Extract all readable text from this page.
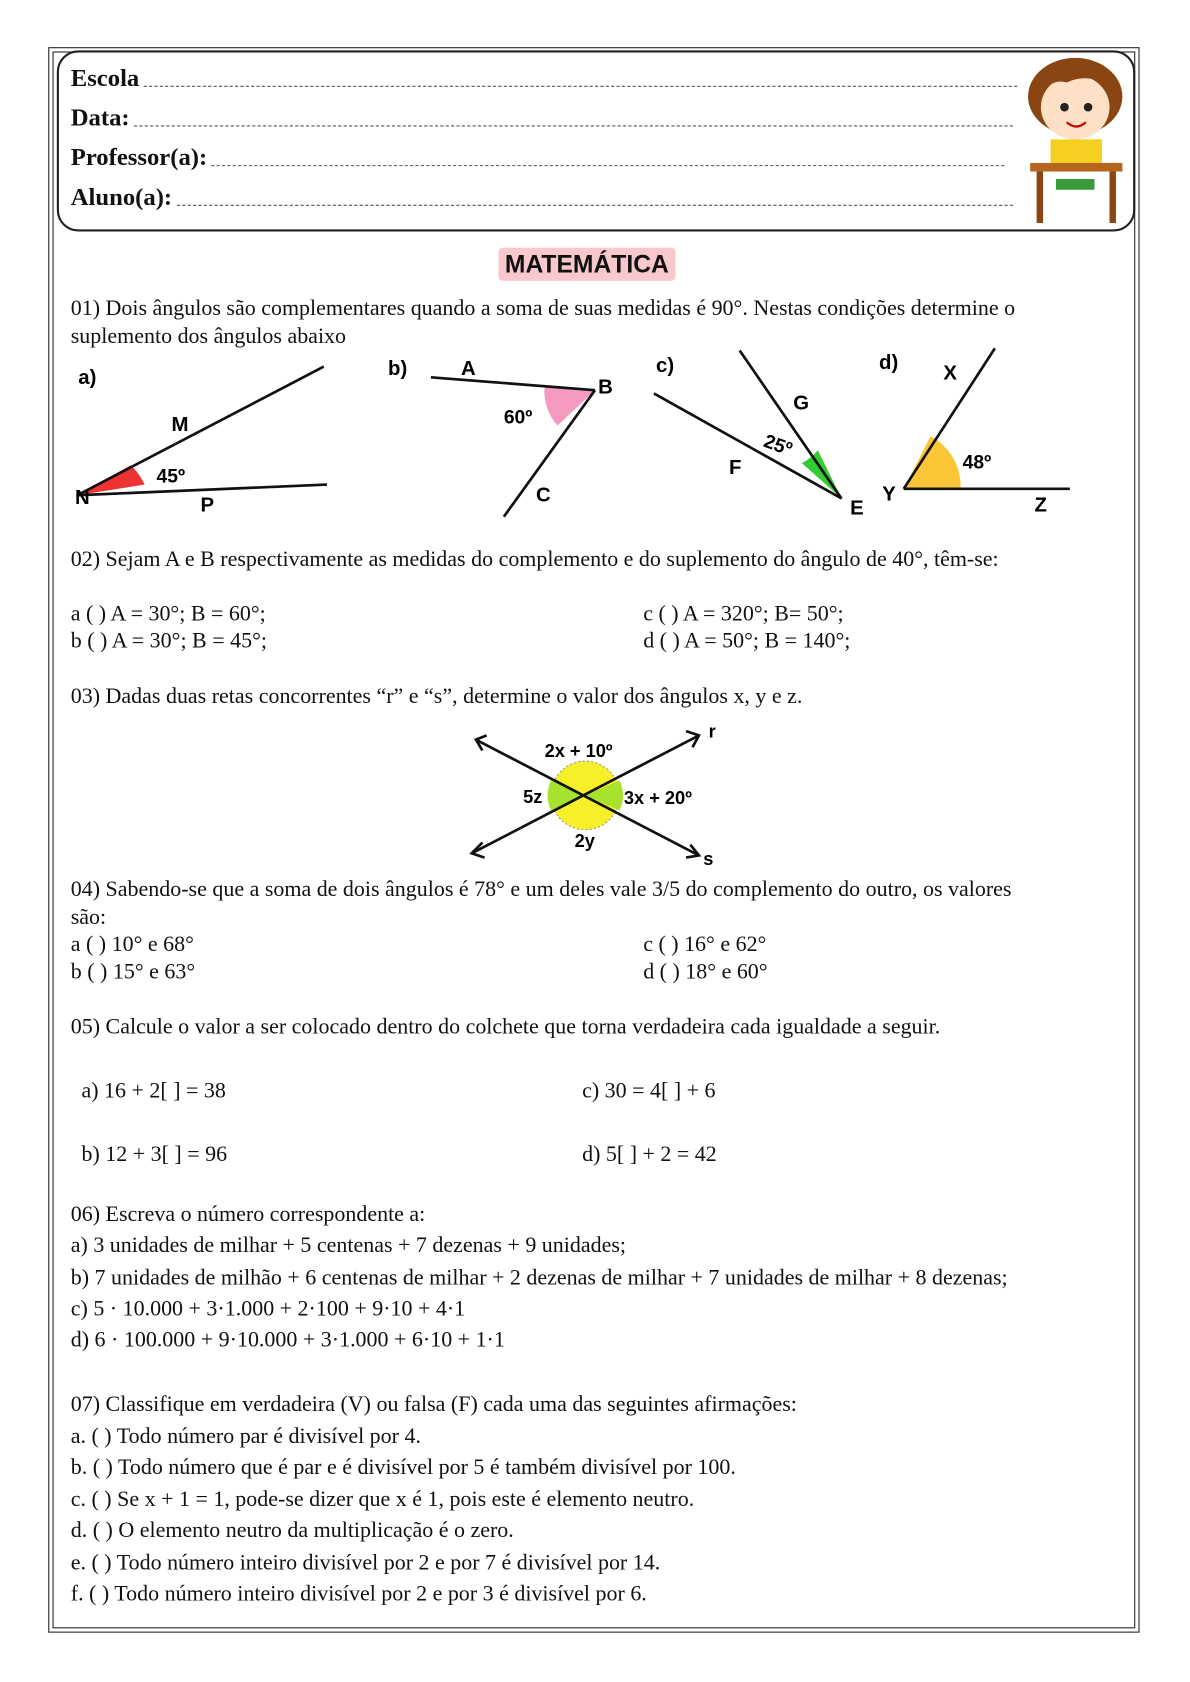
Escola
Data:
Professor(a):
Aluno(a):
MATEMÁTICA
01) Dois ângulos são complementares quando a soma de suas medidas é 90°. Nestas condições determine o
suplemento dos ângulos abaixo
a)
M
N	P
45º
b)	A
B
C
60º
c)
G
F
E
25º
d) X
Y	Z
48º
02) Sejam A e B respectivamente as medidas do complemento e do suplemento do ângulo de 40°, têm-se:
a ( ) A = 30°; B = 60°;
b ( ) A = 30°; B = 45°;
c ( ) A = 320°; B= 50°;
d ( ) A = 50°; B = 140°;
03) Dadas duas retas concorrentes “r” e “s”, determine o valor dos ângulos x, y e z.
2x + 10º
5z	3x + 20º
2y
r
s
04) Sabendo-se que a soma de dois ângulos é 78° e um deles vale 3/5 do complemento do outro, os valores
são:
a ( ) 10° e 68°
b ( ) 15° e 63°
c ( ) 16° e 62°
d ( ) 18° e 60°
05) Calcule o valor a ser colocado dentro do colchete que torna verdadeira cada igualdade a seguir.
a) 16 + 2[ ] = 38
b) 12 + 3[ ] = 96
c) 30 = 4[ ] + 6
d) 5[ ] + 2 = 42
06) Escreva o número correspondente a:
a) 3 unidades de milhar + 5 centenas + 7 dezenas + 9 unidades;
b) 7 unidades de milhão + 6 centenas de milhar + 2 dezenas de milhar + 7 unidades de milhar + 8 dezenas;
c) 5 · 10.000 + 3·1.000 + 2·100 + 9·10 + 4·1
d) 6 · 100.000 + 9·10.000 + 3·1.000 + 6·10 + 1·1
07) Classifique em verdadeira (V) ou falsa (F) cada uma das seguintes afirmações:
a. ( ) Todo número par é divisível por 4.
b. ( ) Todo número que é par e é divisível por 5 é também divisível por 100.
c. ( ) Se x + 1 = 1, pode-se dizer que x é 1, pois este é elemento neutro.
d. ( ) O elemento neutro da multiplicação é o zero.
e. ( ) Todo número inteiro divisível por 2 e por 7 é divisível por 14.
f. ( ) Todo número inteiro divisível por 2 e por 3 é divisível por 6.
